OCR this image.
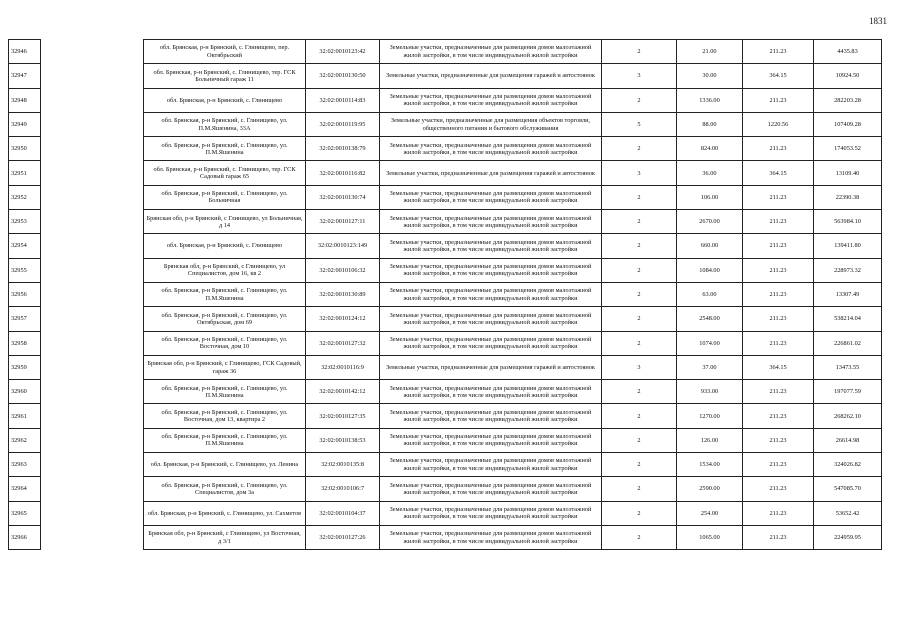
1831
32946		обл. Брянская, р-н Брянский, с. Глинищево, пер. Октябрьский	32:02:0010123:42	Земельные участки, предназначенные для размещения домов малоэтажной жилой застройки, в том числе индивидуальной жилой застройки	2	21.00	211.23	4435.83
32947		обл. Брянская, р-н Брянский, с. Глинищево, тер. ГСК Больничный гараж 11	32:02:0010130:50	Земельные участки, предназначенные для размещения гаражей и автостоянок	3	30.00	364.15	10924.50
32948		обл. Брянская, р-н Брянский, с. Глинищево	32:02:0010114:83	Земельные участки, предназначенные для размещения домов малоэтажной жилой застройки, в том числе индивидуальной жилой застройки	2	1336.00	211.23	282203.28
32949		обл. Брянская, р-н Брянский, с. Глинищево, ул. П.М.Яшенина, 33А	32:02:0010119:95	Земельные участки, предназначенные для размещения объектов торговли, общественного питания и бытового обслуживания	5	88.00	1220.56	107409.28
32950		обл. Брянская, р-н Брянский, с. Глинищево, ул. П.М.Яшенина	32:02:0010138:79	Земельные участки, предназначенные для размещения домов малоэтажной жилой застройки, в том числе индивидуальной жилой застройки	2	824.00	211.23	174053.52
32951		обл. Брянская, р-н Брянский, с. Глинищево, тер. ГСК Садовый гараж 65	32:02:0010116:82	Земельные участки, предназначенные для размещения гаражей и автостоянок	3	36.00	364.15	13109.40
32952		обл. Брянская, р-н Брянский, с. Глинищево, ул. Больничная	32:02:0010130:74	Земельные участки, предназначенные для размещения домов малоэтажной жилой застройки, в том числе индивидуальной жилой застройки	2	106.00	211.23	22390.38
32953		Брянская обл, р-н Брянский, с Глинищево, ул Больничная, д 14	32:02:0010127:11	Земельные участки, предназначенные для размещения домов малоэтажной жилой застройки, в том числе индивидуальной жилой застройки	2	2670.00	211.23	563984.10
32954		обл. Брянская, р-н Брянский, с. Глинищево	32:02:0010123:149	Земельные участки, предназначенные для размещения домов малоэтажной жилой застройки, в том числе индивидуальной жилой застройки	2	660.00	211.23	139411.80
32955		Брянская обл, р-н Брянский, с Глинищево, ул Специалистов, дом 16, кв 2	32:02:0010106:32	Земельные участки, предназначенные для размещения домов малоэтажной жилой застройки, в том числе индивидуальной жилой застройки	2	1084.00	211.23	228973.32
32956		обл. Брянская, р-н Брянский, с. Глинищево, ул. П.М.Яшенина	32:02:0010130:89	Земельные участки, предназначенные для размещения домов малоэтажной жилой застройки, в том числе индивидуальной жилой застройки	2	63.00	211.23	13307.49
32957		обл. Брянская, р-н Брянский, с. Глинищево, ул. Октябрьская, дом 69	32:02:0010124:12	Земельные участки, предназначенные для размещения домов малоэтажной жилой застройки, в том числе индивидуальной жилой застройки	2	2548.00	211.23	538214.04
32958		обл. Брянская, р-н Брянский, с. Глинищево, ул. Восточная, дом 10	32:02:0010127:32	Земельные участки, предназначенные для размещения домов малоэтажной жилой застройки, в том числе индивидуальной жилой застройки	2	1074.00	211.23	226861.02
32959		Брянская обл, р-н Брянский, с Глинищево, ГСК Садовый, гараж 36	32:02:0010116:9	Земельные участки, предназначенные для размещения гаражей и автостоянок	3	37.00	364.15	13473.55
32960		обл. Брянская, р-н Брянский, с. Глинищево, ул. П.М.Яшенина	32:02:0010142:12	Земельные участки, предназначенные для размещения домов малоэтажной жилой застройки, в том числе индивидуальной жилой застройки	2	933.00	211.23	197077.59
32961		обл. Брянская, р-н Брянский, с. Глинищево, ул. Восточная, дом 13, квартира 2	32:02:0010127:35	Земельные участки, предназначенные для размещения домов малоэтажной жилой застройки, в том числе индивидуальной жилой застройки	2	1270.00	211.23	268262.10
32962		обл. Брянская, р-н Брянский, с. Глинищево, ул. П.М.Яшенина	32:02:0010138:53	Земельные участки, предназначенные для размещения домов малоэтажной жилой застройки, в том числе индивидуальной жилой застройки	2	126.00	211.23	26614.98
32963		обл. Брянская, р-н Брянский, с. Глинищево, ул. Ленина	32:02:0010135:8	Земельные участки, предназначенные для размещения домов малоэтажной жилой застройки, в том числе индивидуальной жилой застройки	2	1534.00	211.23	324026.82
32964		обл. Брянская, р-н Брянский, с. Глинищево, ул. Специалистов, дом 3а	32:02:0010106:7	Земельные участки, предназначенные для размещения домов малоэтажной жилой застройки, в том числе индивидуальной жилой застройки	2	2590.00	211.23	547085.70
32965		обл. Брянская, р-н Брянский, с. Глинищево, ул. Сахметов	32:02:0010104:37	Земельные участки, предназначенные для размещения домов малоэтажной жилой застройки, в том числе индивидуальной жилой застройки	2	254.00	211.23	53652.42
32966		Брянская обл, р-н Брянский, с Глинищево, ул Восточная, д 3/1	32:02:0010127:26	Земельные участки, предназначенные для размещения домов малоэтажной жилой застройки, в том числе индивидуальной жилой застройки	2	1065.00	211.23	224959.95
